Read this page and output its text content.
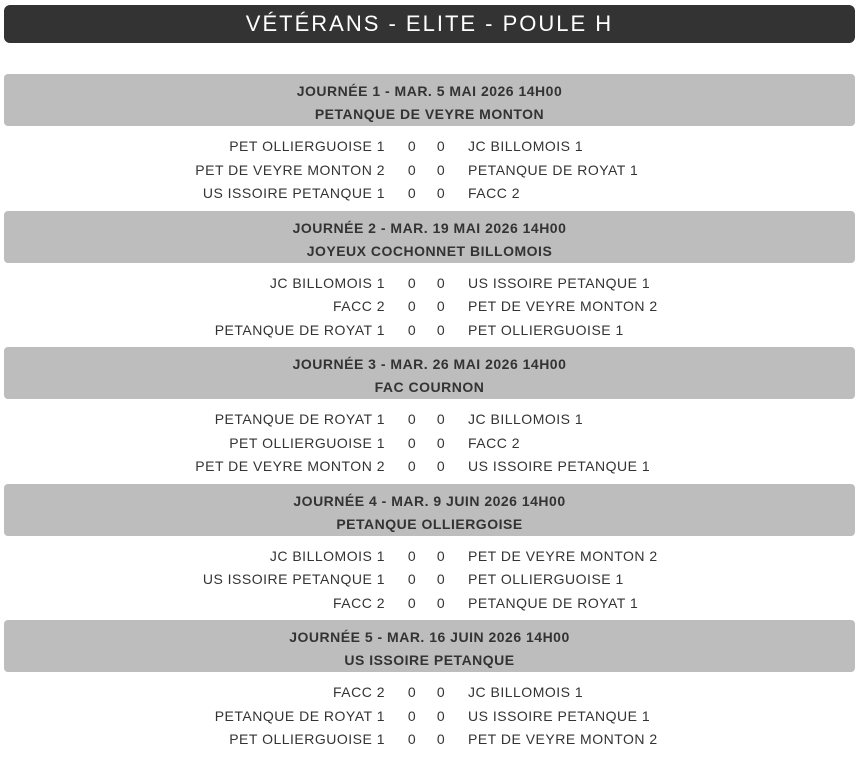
VÉTÉRANS - ELITE - POULE H
JOURNÉE 1 - MAR. 5 MAI 2026 14H00
PETANQUE DE VEYRE MONTON
PET OLLIERGUOISE 1 0 0 JC BILLOMOIS 1
PET DE VEYRE MONTON 2 0 0 PETANQUE DE ROYAT 1
US ISSOIRE PETANQUE 1 0 0 FACC 2
JOURNÉE 2 - MAR. 19 MAI 2026 14H00
JOYEUX COCHONNET BILLOMOIS
JC BILLOMOIS 1 0 0 US ISSOIRE PETANQUE 1
FACC 2 0 0 PET DE VEYRE MONTON 2
PETANQUE DE ROYAT 1 0 0 PET OLLIERGUOISE 1
JOURNÉE 3 - MAR. 26 MAI 2026 14H00
FAC COURNON
PETANQUE DE ROYAT 1 0 0 JC BILLOMOIS 1
PET OLLIERGUOISE 1 0 0 FACC 2
PET DE VEYRE MONTON 2 0 0 US ISSOIRE PETANQUE 1
JOURNÉE 4 - MAR. 9 JUIN 2026 14H00
PETANQUE OLLIERGOISE
JC BILLOMOIS 1 0 0 PET DE VEYRE MONTON 2
US ISSOIRE PETANQUE 1 0 0 PET OLLIERGUOISE 1
FACC 2 0 0 PETANQUE DE ROYAT 1
JOURNÉE 5 - MAR. 16 JUIN 2026 14H00
US ISSOIRE PETANQUE
FACC 2 0 0 JC BILLOMOIS 1
PETANQUE DE ROYAT 1 0 0 US ISSOIRE PETANQUE 1
PET OLLIERGUOISE 1 0 0 PET DE VEYRE MONTON 2
